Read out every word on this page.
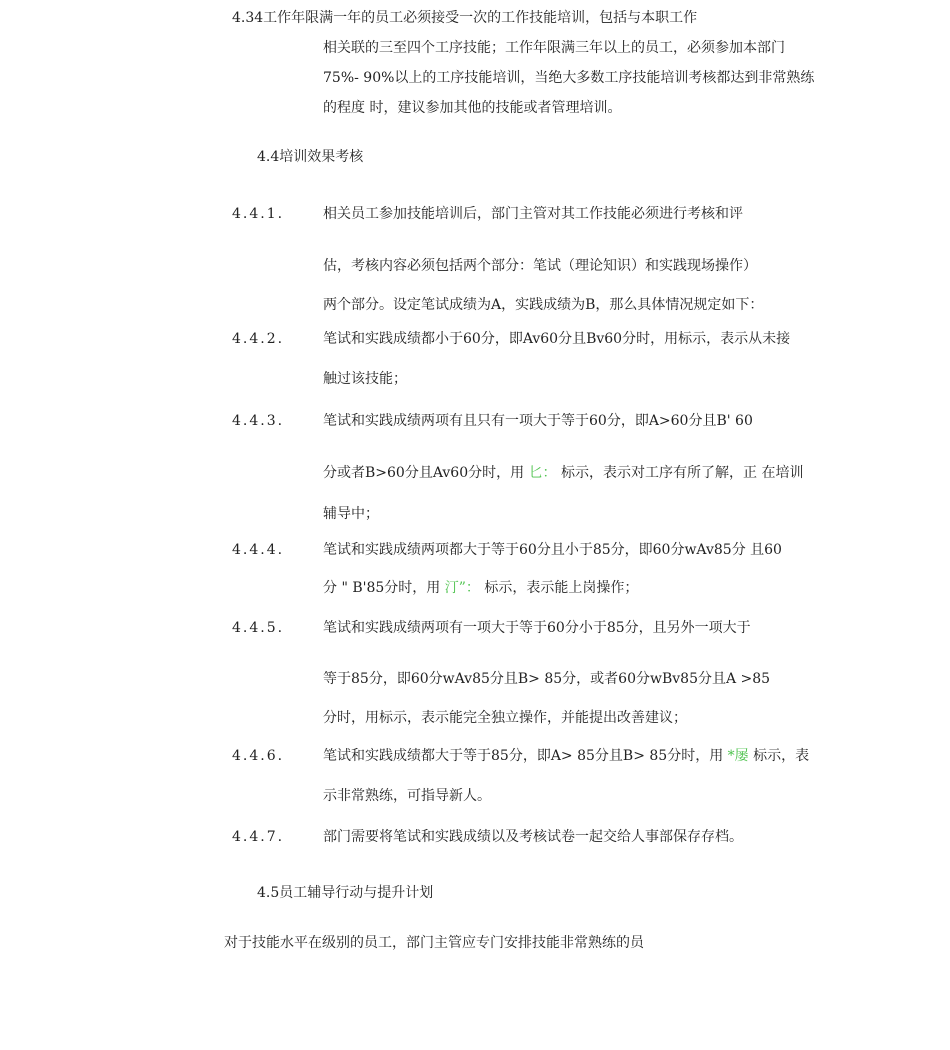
4.34工作年限满一年的员工必须接受一次的工作技能培训，包括与本职工作
相关联的三至四个工序技能；工作年限满三年以上的员工，必须参加本部门
75%- 90%以上的工序技能培训，当绝大多数工序技能培训考核都达到非常熟练
的程度 时，建议参加其他的技能或者管理培训。
4.4培训效果考核
4.4.1.	相关员工参加技能培训后，部门主管对其工作技能必须进行考核和评
估，考核内容必须包括两个部分：笔试（理论知识）和实践现场操作）
两个部分。设定笔试成绩为A，实践成绩为B，那么具体情况规定如下：
4.4.2.	笔试和实践成绩都小于60分，即Av60分且Bv60分时，用标示，表示从未接
触过该技能；
4.4.3.	笔试和实践成绩两项有且只有一项大于等于60分，即A>60分且B' 60
分或者B>60分且Av60分时，用 匕： 标示，表示对工序有所了解，正 在培训
辅导中；
4.4.4.	笔试和实践成绩两项都大于等于60分且小于85分，即60分wAv85分 且60
分 " B'85分时，用 汀”： 标示，表示能上岗操作；
4.4.5.	笔试和实践成绩两项有一项大于等于60分小于85分，且另外一项大于
等于85分，即60分wAv85分且B> 85分，或者60分wBv85分且A >85
分时，用标示，表示能完全独立操作，并能提出改善建议；
4.4.6.	笔试和实践成绩都大于等于85分，即A> 85分且B> 85分时，用 *屡 标示，表
示非常熟练，可指导新人。
4.4.7.	部门需要将笔试和实践成绩以及考核试卷一起交给人事部保存存档。
4.5员工辅导行动与提升计划
对于技能水平在级别的员工，部门主管应专门安排技能非常熟练的员
